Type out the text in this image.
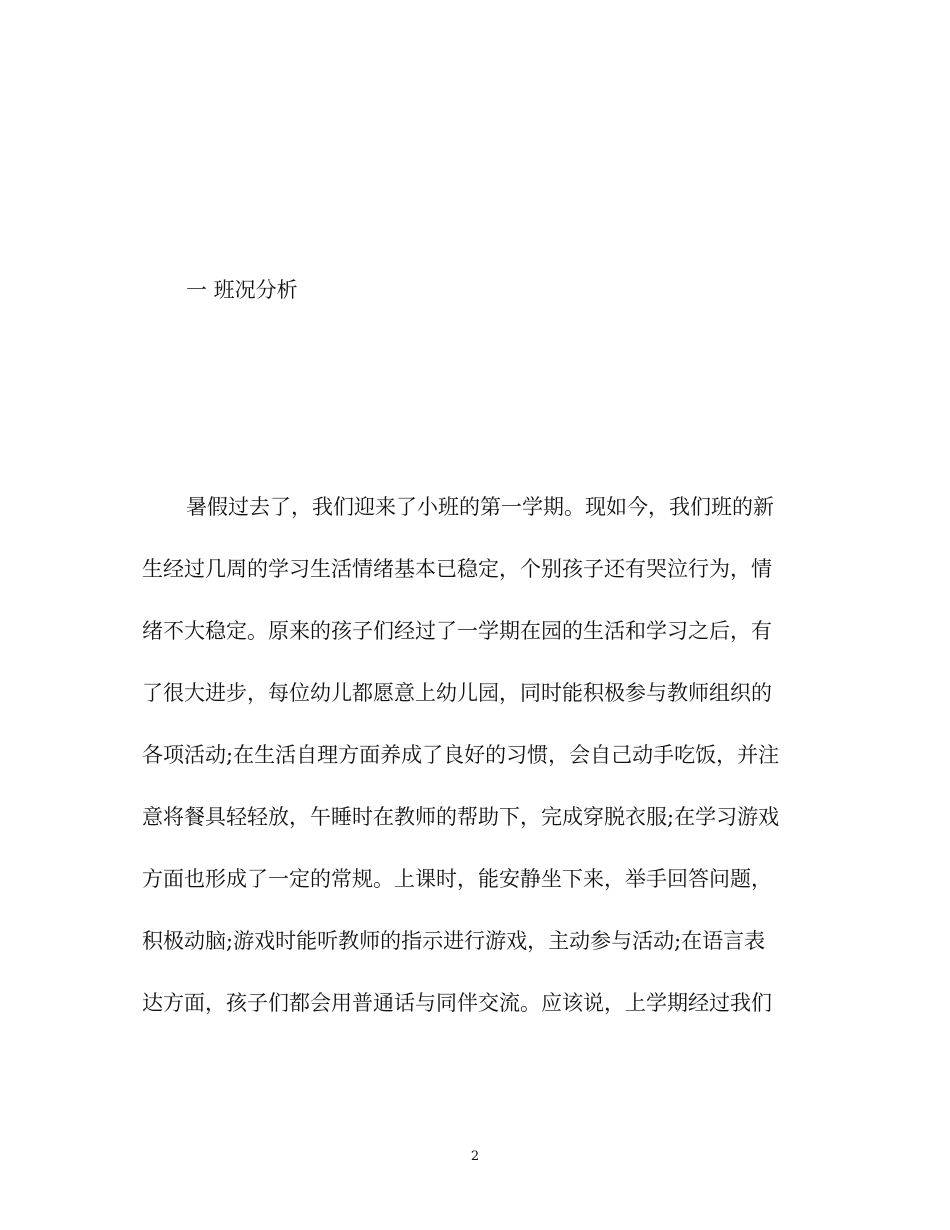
一 班况分析
暑假过去了，我们迎来了小班的第一学期。现如今，我们班的新
生经过几周的学习生活情绪基本已稳定，个别孩子还有哭泣行为，情
绪不大稳定。原来的孩子们经过了一学期在园的生活和学习之后，有
了很大进步，每位幼儿都愿意上幼儿园，同时能积极参与教师组织的
各项活动;在生活自理方面养成了良好的习惯，会自己动手吃饭，并注
意将餐具轻轻放，午睡时在教师的帮助下，完成穿脱衣服;在学习游戏
方面也形成了一定的常规。上课时，能安静坐下来，举手回答问题，
积极动脑;游戏时能听教师的指示进行游戏，主动参与活动;在语言表
达方面，孩子们都会用普通话与同伴交流。应该说，上学期经过我们
2
